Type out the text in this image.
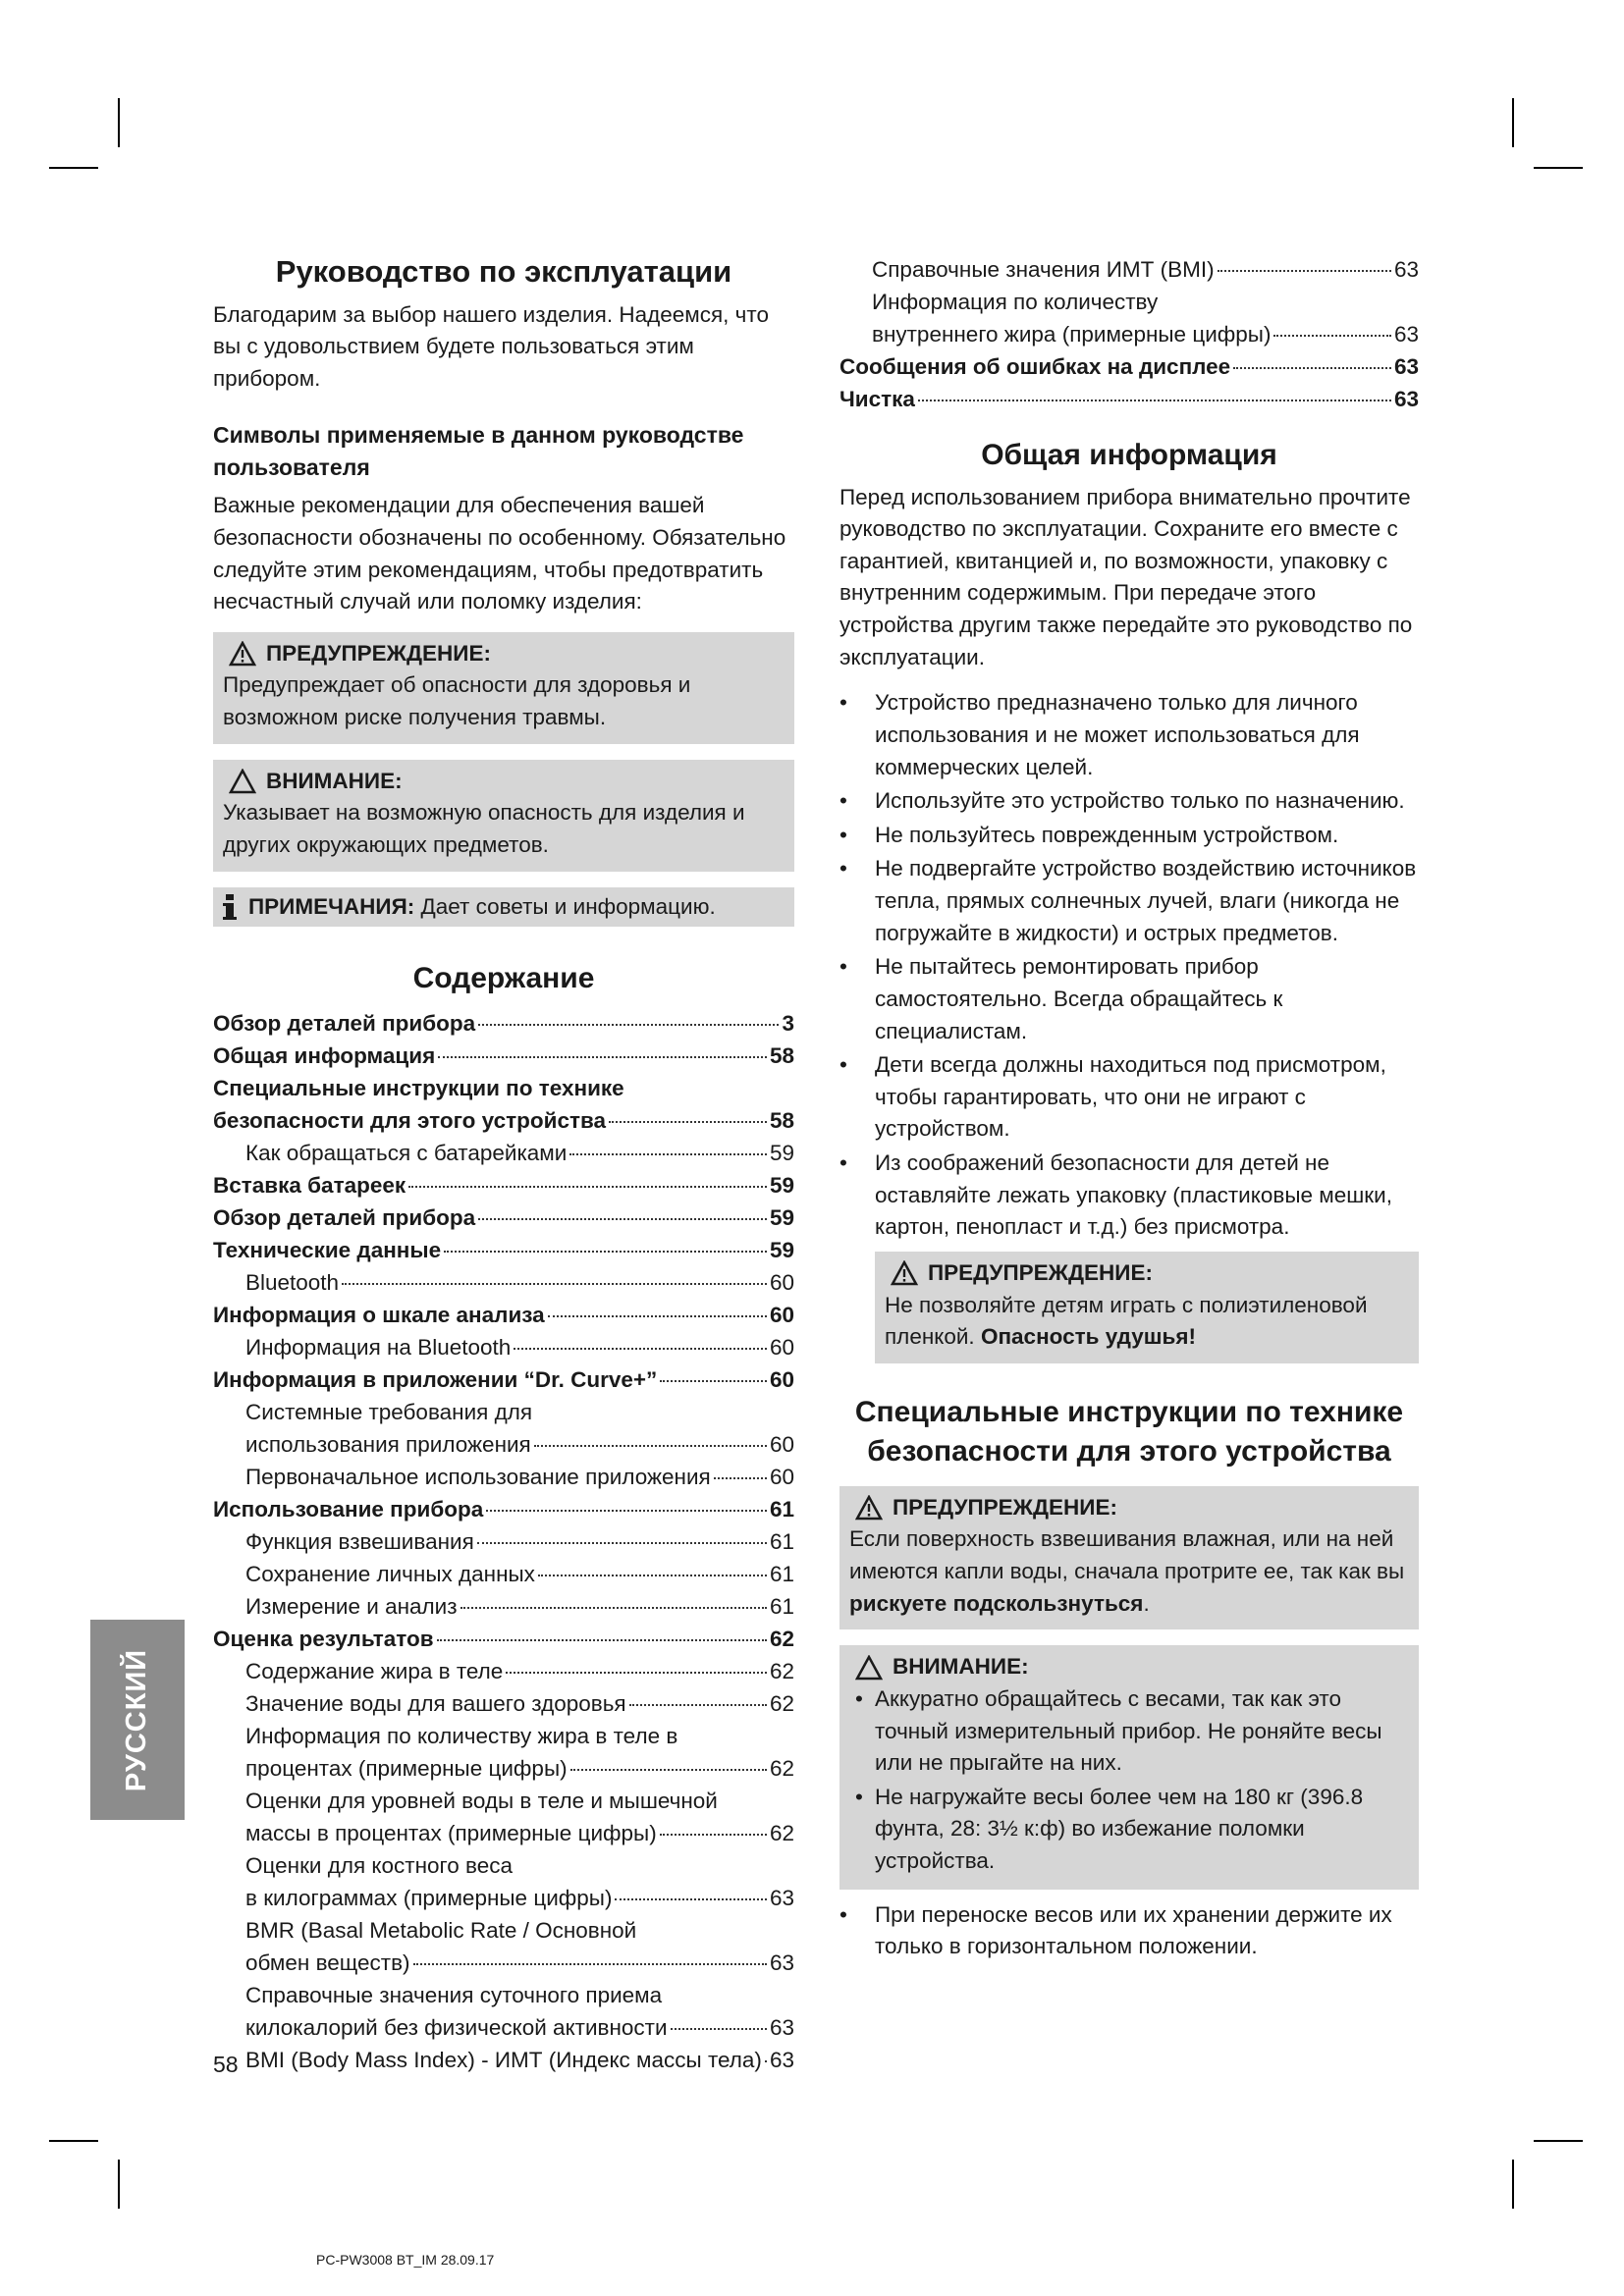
Руководство по эксплуатации

Благодарим за выбор нашего изделия. Надеемся, что вы с удовольствием будете пользоваться этим прибором.

Символы применяемые в данном руководстве пользователя

Важные рекомендации для обеспечения вашей безопасности обозначены по особенному. Обязательно следуйте этим рекомендациям, чтобы предотвратить несчастный случай или поломку изделия:

ПРЕДУПРЕЖДЕНИЕ:
Предупреждает об опасности для здоровья и возможном риске получения травмы.
ВНИМАНИЕ:
Указывает на возможную опасность для изделия и других окружающих предметов.
ПРИМЕЧАНИЯ: Дает советы и информацию.
Содержание
Обзор деталей прибора	3
Общая информация	58
Специальные инструкции по технике
безопасности для этого устройства	58
Как обращаться с батарейками	59
Вставка батареек	59
Обзор деталей прибора	59
Технические данные	59
Bluetooth	60
Информация о шкале анализа	60
Информация на Bluetooth	60
Информация в приложении “Dr. Curve+”	60
Системные требования для
использования приложения	60
Первоначальное использование приложения	60
Использование прибора	61
Функция взвешивания	61
Сохранение личных данных	61
Измерение и анализ	61
Оценка результатов	62
Содержание жира в теле	62
Значение воды для вашего здоровья	62
Информация по количеству жира в теле в
процентах (примерные цифры)	62
Оценки для уровней воды в теле и мышечной
массы в процентах (примерные цифры)	62
Оценки для костного веса
в килограммах (примерные цифры)	63
BMR (Basal Metabolic Rate / Основной
обмен веществ)	63
Справочные значения суточного приема
килокалорий без физической активности	63
BMI (Body Mass Index) - ИМТ (Индекс массы тела) 63
Справочные значения ИМТ (BMI)	63
Информация по количеству
внутреннего жира (примерные цифры)	63
Сообщения об ошибках на дисплее	63
Чистка	63
Общая информация

Перед использованием прибора внимательно прочтите руководство по эксплуатации. Сохраните его вместе с гарантией, квитанцией и, по возможности, упаковку с внутренним содержимым. При передаче этого устройства другим также передайте это руководство по эксплуатации.

• Устройство предназначено только для личного использования и не может использоваться для коммерческих целей.
• Используйте это устройство только по назначению.
• Не пользуйтесь поврежденным устройством.
• Не подвергайте устройство воздействию источников тепла, прямых солнечных лучей, влаги (никогда не погружайте в жидкости) и острых предметов.
• Не пытайтесь ремонтировать прибор самостоятельно. Всегда обращайтесь к специалистам.
• Дети всегда должны находиться под присмотром, чтобы гарантировать, что они не играют с устройством.
• Из соображений безопасности для детей не оставляйте лежать упаковку (пластиковые мешки, картон, пенопласт и т.д.) без присмотра.
ПРЕДУПРЕЖДЕНИЕ:
Не позволяйте детям играть с полиэтиленовой пленкой. Опасность удушья!
Специальные инструкции по технике безопасности для этого устройства
ПРЕДУПРЕЖДЕНИЕ:
Если поверхность взвешивания влажная, или на ней имеются капли воды, сначала протрите ее, так как вы рискуете подскользнуться.
ВНИМАНИЕ:
• Аккуратно обращайтесь с весами, так как это точный измерительный прибор. Не роняйте весы или не прыгайте на них.
• Не нагружайте весы более чем на 180 кг (396.8 фунта, 28: 3½ к:ф) во избежание поломки устройства.
• При переноске весов или их хранении держите их только в горизонтальном положении.
РУССКИЙ
58
PC-PW3008 BT_IM 28.09.17
